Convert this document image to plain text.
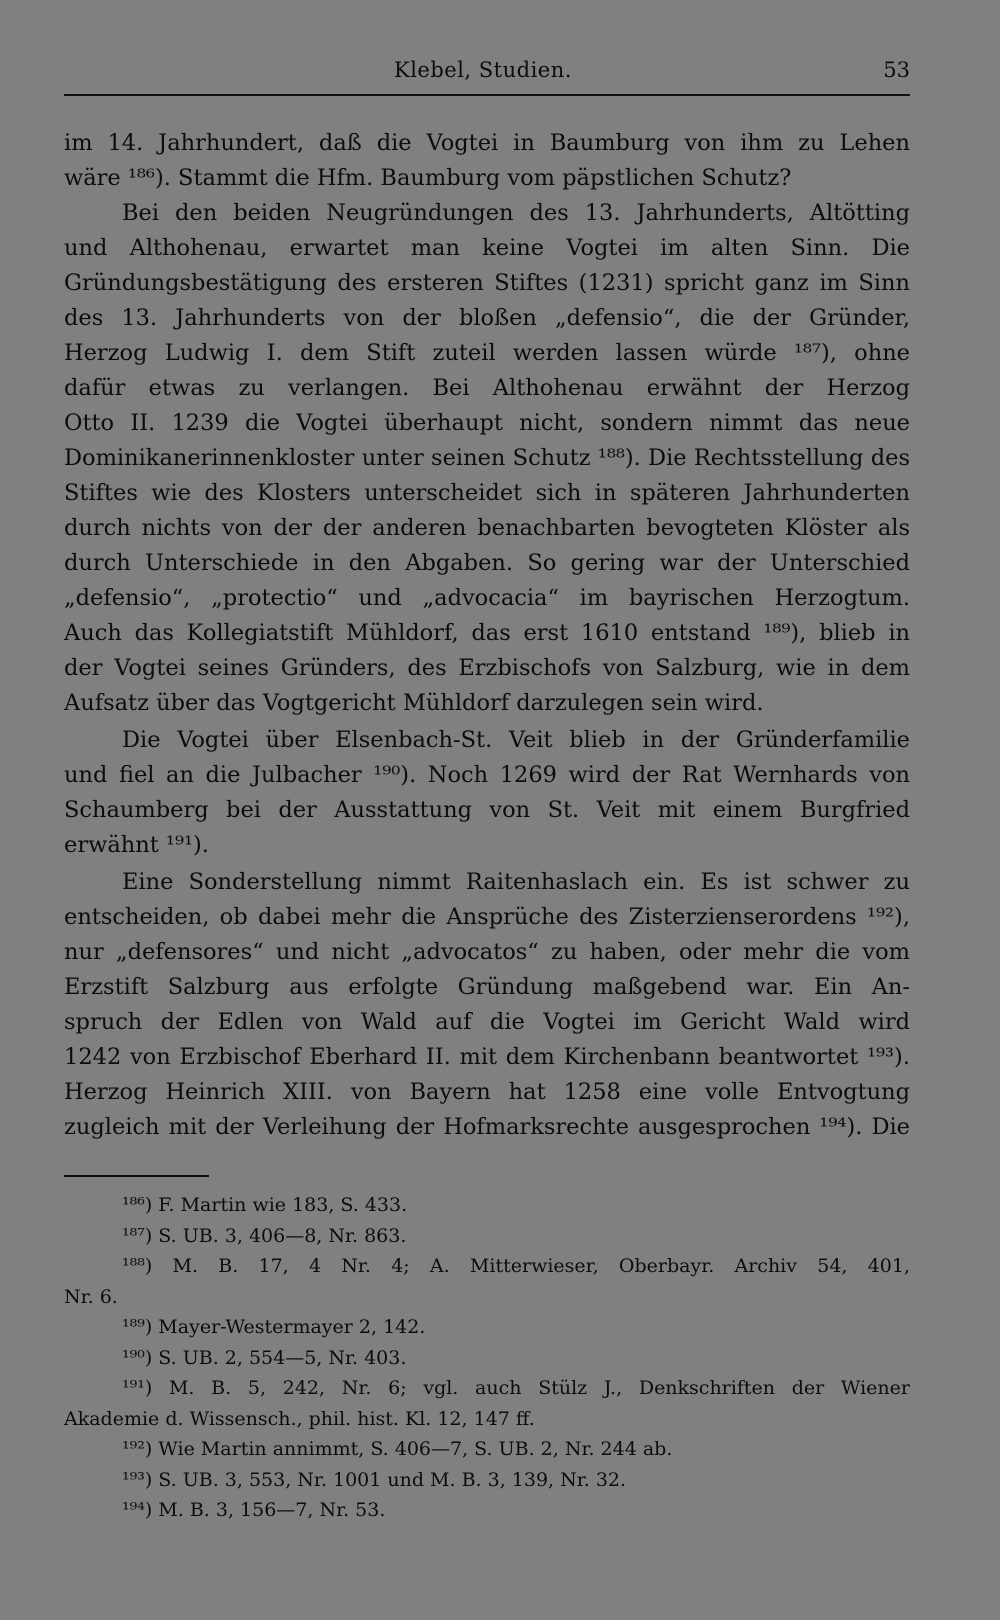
Klebel, Studien.	53
im 14. Jahrhundert, daß die Vogtei in Baumburg von ihm zu Lehen
wäre ¹⁸⁶). Stammt die Hfm. Baumburg vom päpstlichen Schutz?
Bei den beiden Neugründungen des 13. Jahrhunderts, Altötting
und Althohenau, erwartet man keine Vogtei im alten Sinn. Die
Gründungsbestätigung des ersteren Stiftes (1231) spricht ganz im Sinn
des 13. Jahrhunderts von der bloßen „defensio“, die der Gründer,
Herzog Ludwig I. dem Stift zuteil werden lassen würde ¹⁸⁷), ohne
dafür etwas zu verlangen. Bei Althohenau erwähnt der Herzog
Otto II. 1239 die Vogtei überhaupt nicht, sondern nimmt das neue
Dominikanerinnenkloster unter seinen Schutz ¹⁸⁸). Die Rechtsstellung des
Stiftes wie des Klosters unterscheidet sich in späteren Jahrhunderten
durch nichts von der der anderen benachbarten bevogteten Klöster als
durch Unterschiede in den Abgaben. So gering war der Unterschied
„defensio“, „protectio“ und „advocacia“ im bayrischen Herzogtum.
Auch das Kollegiatstift Mühldorf, das erst 1610 entstand ¹⁸⁹), blieb in
der Vogtei seines Gründers, des Erzbischofs von Salzburg, wie in dem
Aufsatz über das Vogtgericht Mühldorf darzulegen sein wird.
Die Vogtei über Elsenbach-St. Veit blieb in der Gründerfamilie
und fiel an die Julbacher ¹⁹⁰). Noch 1269 wird der Rat Wernhards von
Schaumberg bei der Ausstattung von St. Veit mit einem Burgfried
erwähnt ¹⁹¹).
Eine Sonderstellung nimmt Raitenhaslach ein. Es ist schwer zu
entscheiden, ob dabei mehr die Ansprüche des Zisterzienserordens ¹⁹²),
nur „defensores“ und nicht „advocatos“ zu haben, oder mehr die vom
Erzstift Salzburg aus erfolgte Gründung maßgebend war. Ein An-
spruch der Edlen von Wald auf die Vogtei im Gericht Wald wird
1242 von Erzbischof Eberhard II. mit dem Kirchenbann beantwortet ¹⁹³).
Herzog Heinrich XIII. von Bayern hat 1258 eine volle Entvogtung
zugleich mit der Verleihung der Hofmarksrechte ausgesprochen ¹⁹⁴). Die
¹⁸⁶) F. Martin wie 183, S. 433.
¹⁸⁷) S. UB. 3, 406—8, Nr. 863.
¹⁸⁸) M. B. 17, 4 Nr. 4; A. Mitterwieser, Oberbayr. Archiv 54, 401,
Nr. 6.
¹⁸⁹) Mayer-Westermayer 2, 142.
¹⁹⁰) S. UB. 2, 554—5, Nr. 403.
¹⁹¹) M. B. 5, 242, Nr. 6; vgl. auch Stülz J., Denkschriften der Wiener
Akademie d. Wissensch., phil. hist. Kl. 12, 147 ff.
¹⁹²) Wie Martin annimmt, S. 406—7, S. UB. 2, Nr. 244 ab.
¹⁹³) S. UB. 3, 553, Nr. 1001 und M. B. 3, 139, Nr. 32.
¹⁹⁴) M. B. 3, 156—7, Nr. 53.
